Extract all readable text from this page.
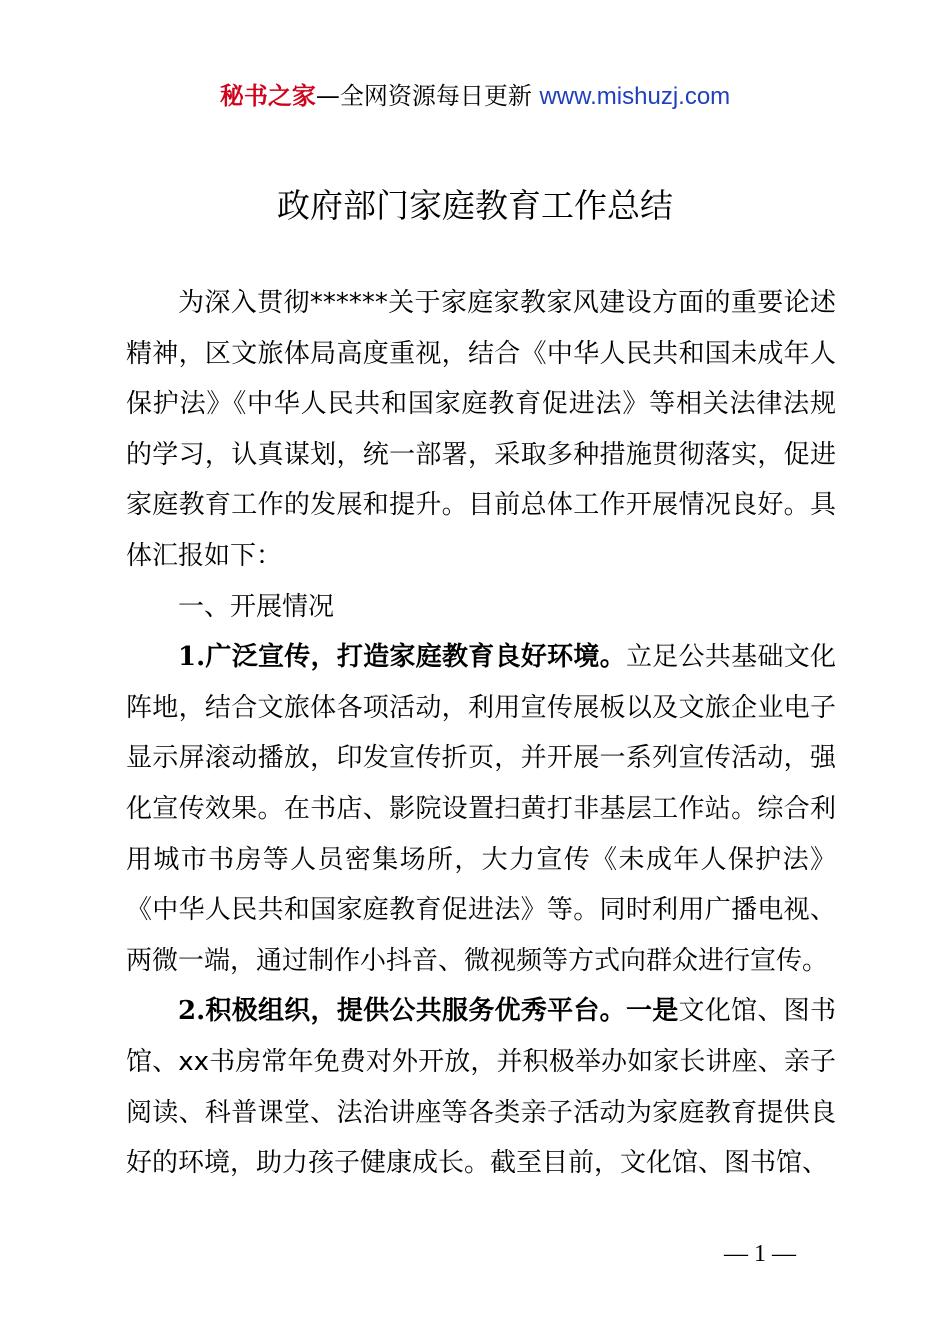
秘书之家—全网资源每日更新 www.mishuzj.com
政府部门家庭教育工作总结

为深入贯彻******关于家庭家教家风建设方面的重要论述精神，区文旅体局高度重视，结合《中华人民共和国未成年人保护法》《中华人民共和国家庭教育促进法》等相关法律法规的学习，认真谋划，统一部署，采取多种措施贯彻落实，促进家庭教育工作的发展和提升。目前总体工作开展情况良好。具体汇报如下：

一、开展情况

1.广泛宣传，打造家庭教育良好环境。立足公共基础文化阵地，结合文旅体各项活动，利用宣传展板以及文旅企业电子显示屏滚动播放，印发宣传折页，并开展一系列宣传活动，强化宣传效果。在书店、影院设置扫黄打非基层工作站。综合利用城市书房等人员密集场所，大力宣传《未成年人保护法》《中华人民共和国家庭教育促进法》等。同时利用广播电视、两微一端，通过制作小抖音、微视频等方式向群众进行宣传。

2.积极组织，提供公共服务优秀平台。一是文化馆、图书馆、xx书房常年免费对外开放，并积极举办如家长讲座、亲子阅读、科普课堂、法治讲座等各类亲子活动为家庭教育提供良好的环境，助力孩子健康成长。截至目前，文化馆、图书馆、

— 1 —
